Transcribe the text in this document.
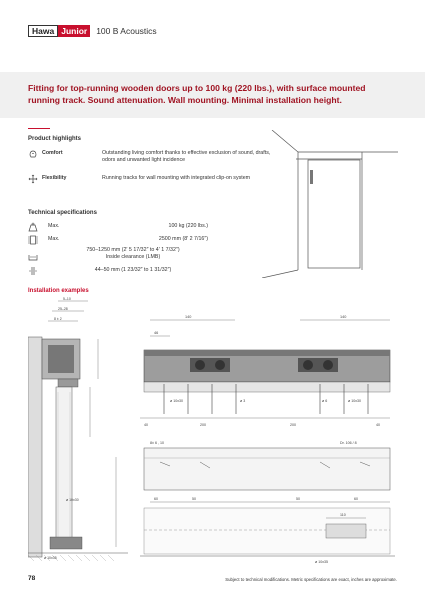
Hawa Junior	100 B Acoustics
Fitting for top-running wooden doors up to 100 kg (220 lbs.), with surface mounted running track. Sound attenuation. Wall mounting. Minimal installation height.
Product highlights
Comfort	Outstanding living comfort thanks to effective exclusion of sound, drafts, odors and unwanted light incidence
Flexibility	Running tracks for wall mounting with integrated clip-on system
Technical specifications
Max.	100 kg (220 lbs.)
Max.	2500 mm (8′ 2 7/16″)
750–1250 mm (2′ 5 17/32″ to 4′ 1 7/32″)
Inside clearance (LMB)
44–50 mm (1 23/32″ to 1 31/32″)
Installation examples
5–10
25–28
8 ± 2
ø 10x30
ø 10x35
140	140
46
ø 10x30	ø 3	ø 6	ø 10x30
40	200	200	40
8± 6 , 10	Dr. 106 / 8
60	50	50	60
110
ø 10x35
78	Subject to technical modifications. Metric specifications are exact, inches are approximate.
